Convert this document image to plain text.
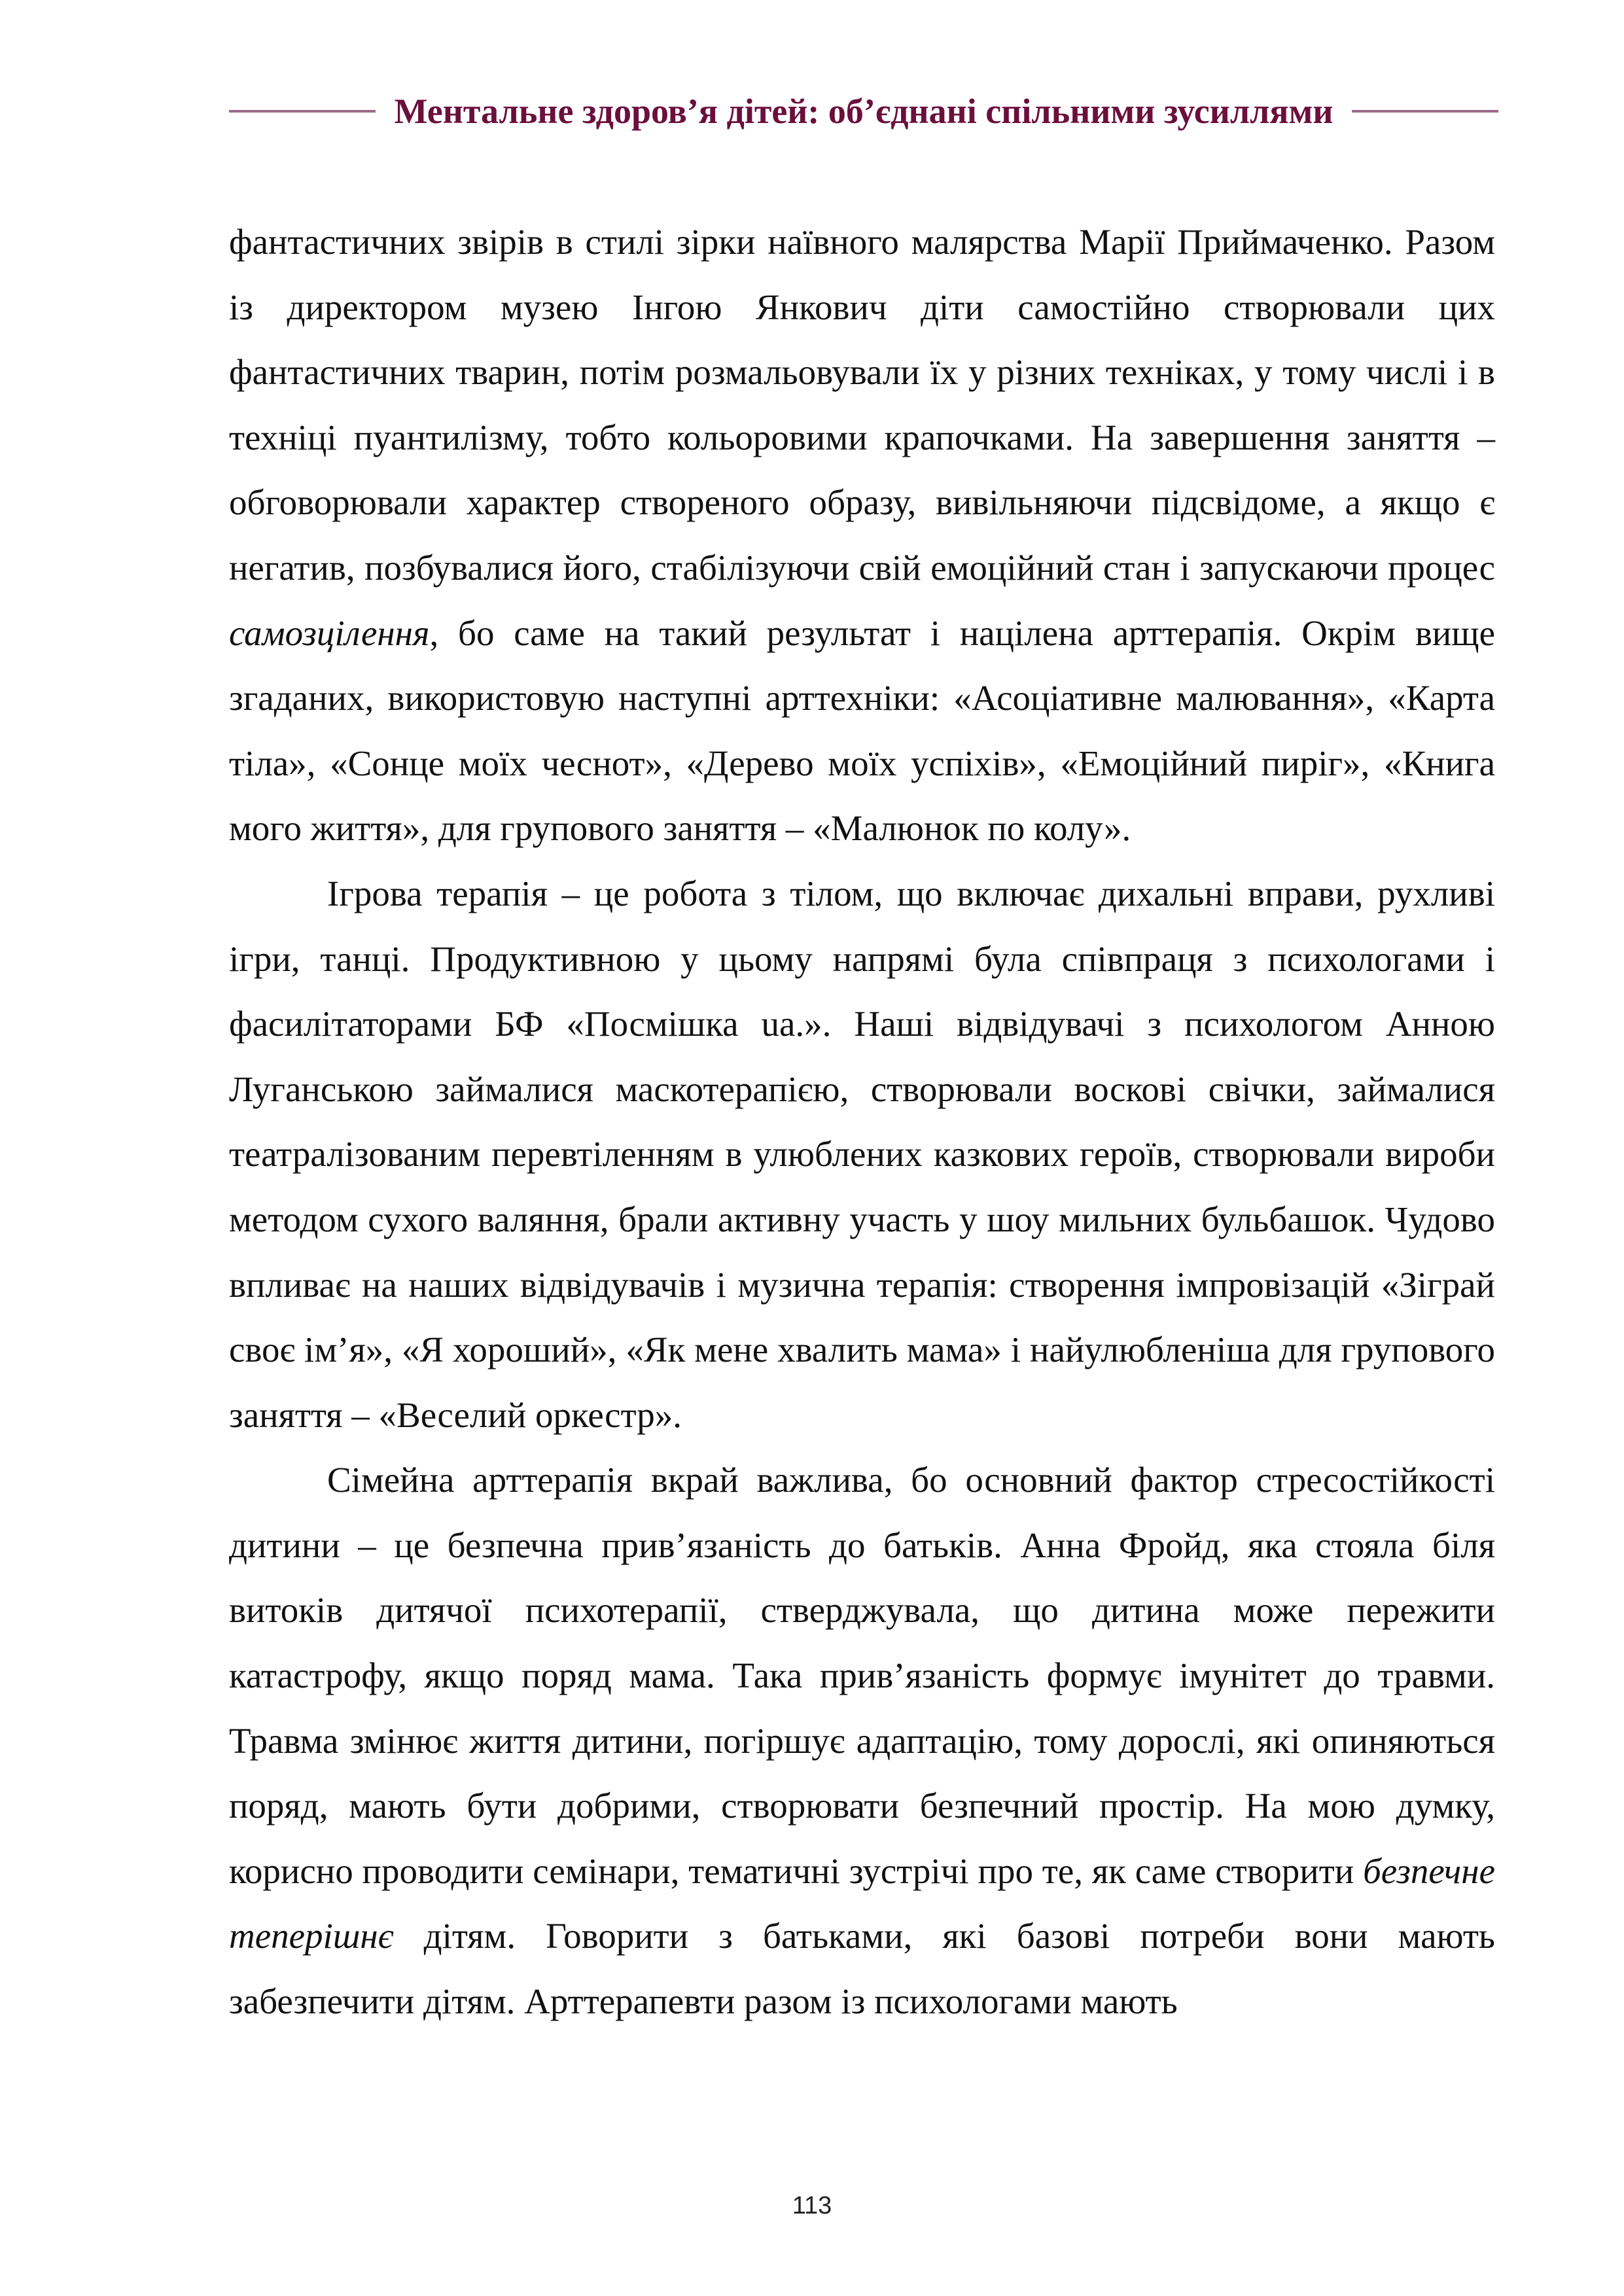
Ментальне здоров’я дітей: об’єднані спільними зусиллями

фантастичних звірів в стилі зірки наївного малярства Марії Приймаченко. Разом із директором музею Інгою Янкович діти самостійно створювали цих фантастичних тварин, потім розмальовували їх у різних техніках, у тому числі і в техніці пуантилізму, тобто кольоровими крапочками. На завершення заняття – обговорювали характер створеного образу, вивільняючи підсвідоме, а якщо є негатив, позбувалися його, стабілізуючи свій емоційний стан і запускаючи процес самозцілення, бо саме на такий результат і націлена арттерапія. Окрім вище згаданих, використовую наступні арттехніки: «Асоціативне малювання», «Карта тіла», «Сонце моїх чеснот», «Дерево моїх успіхів», «Емоційний пиріг», «Книга мого життя», для групового заняття – «Малюнок по колу».

Ігрова терапія – це робота з тілом, що включає дихальні вправи, рухливі ігри, танці. Продуктивною у цьому напрямі була співпраця з психологами і фасилітаторами БФ «Посмішка ua.». Наші відвідувачі з психологом Анною Луганською займалися маскотерапією, створювали воскові свічки, займалися театралізованим перевтіленням в улюблених казкових героїв, створювали вироби методом сухого валяння, брали активну участь у шоу мильних бульбашок. Чудово впливає на наших відвідувачів і музична терапія: створення імпровізацій «Зіграй своє ім’я», «Я хороший», «Як мене хвалить мама» і найулюбленіша для групового заняття – «Веселий оркестр».

Сімейна арттерапія вкрай важлива, бо основний фактор стресостійкості дитини – це безпечна прив’язаність до батьків. Анна Фройд, яка стояла біля витоків дитячої психотерапії, стверджувала, що дитина може пережити катастрофу, якщо поряд мама. Така прив’язаність формує імунітет до травми. Травма змінює життя дитини, погіршує адаптацію, тому дорослі, які опиняються поряд, мають бути добрими, створювати безпечний простір. На мою думку, корисно проводити семінари, тематичні зустрічі про те, як саме створити безпечне теперішнє дітям. Говорити з батьками, які базові потреби вони мають забезпечити дітям. Арттерапевти разом із психологами мають

113
